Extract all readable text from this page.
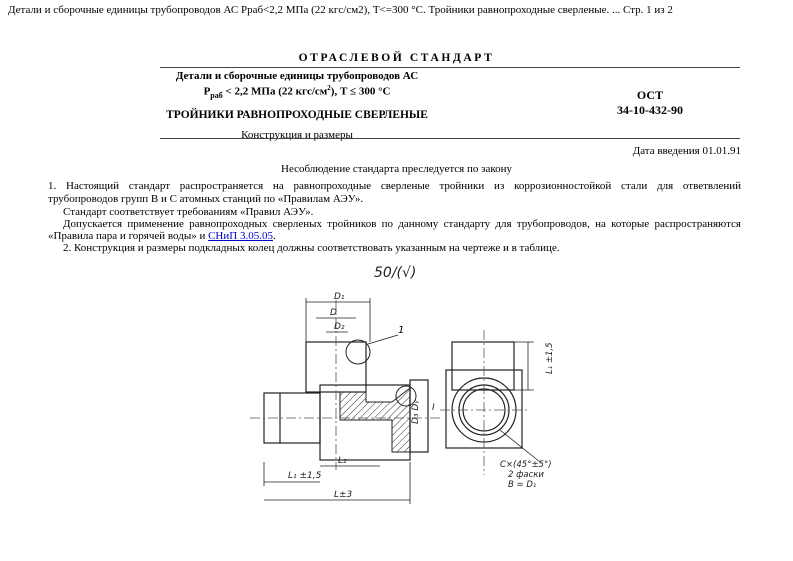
Детали и сборочные единицы трубопроводов АС Рраб<2,2 МПа (22 кгс/см2), Т<=300 °С. Тройники равнопроходные сверленые. ... Стр. 1 из 2
ОТРАСЛЕВОЙ СТАНДАРТ
Детали и сборочные единицы трубопроводов АС
$Р_{раб} < 2,2$ МПа (22 кгс/$см^2$), Т ≤ 300 °С
ТРОЙНИКИ РАВНОПРОХОДНЫЕ СВЕРЛЕНЫЕ
Конструкция и размеры
ОСТ
34-10-432-90
Дата введения 01.01.91
Несоблюдение стандарта преследуется по закону
1. Настоящий стандарт распространяется на равнопроходные сверленые тройники из коррозионностойкой стали для ответвлений
трубопроводов групп В и С атомных станций по «Правилам АЭУ».
Стандарт соответствует требованиям «Правил АЭУ».
Допускается применение равнопроходных сверленых тройников по данному стандарту для трубопроводов, на которые распространяются
«Правила пара и горячей воды» и СНиП 3.05.05.
2. Конструкция и размеры подкладных колец должны соответствовать указанным на чертеже и в таблице.
50/(√)
1
D₁
D
D₂
I
D₃ Dᵧ
L₁ ±1,5
L₂
L±3
L₁ ±1,5
C×(45°±5°)
2 фаски
B = D₁
